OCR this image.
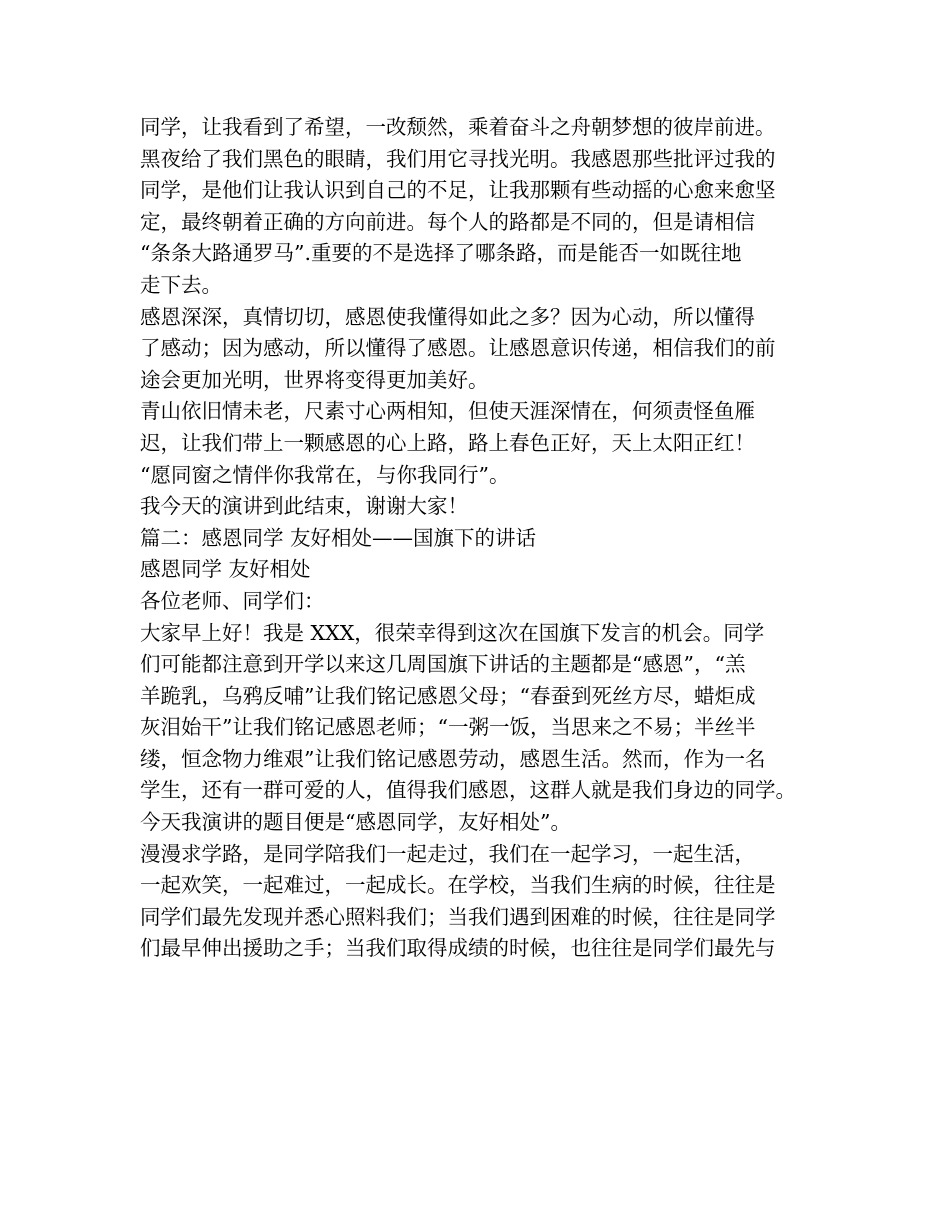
同学，让我看到了希望，一改颓然，乘着奋斗之舟朝梦想的彼岸前进。
黑夜给了我们黑色的眼睛，我们用它寻找光明。我感恩那些批评过我的
同学，是他们让我认识到自己的不足，让我那颗有些动摇的心愈来愈坚
定，最终朝着正确的方向前进。每个人的路都是不同的，但是请相信
“条条大路通罗马”.重要的不是选择了哪条路，而是能否一如既往地
走下去。
感恩深深，真情切切，感恩使我懂得如此之多？因为心动，所以懂得
了感动；因为感动，所以懂得了感恩。让感恩意识传递，相信我们的前
途会更加光明，世界将变得更加美好。
青山依旧情未老，尺素寸心两相知，但使天涯深情在，何须责怪鱼雁
迟，让我们带上一颗感恩的心上路，路上春色正好，天上太阳正红！
“愿同窗之情伴你我常在，与你我同行”。
我今天的演讲到此结束，谢谢大家！
篇二：感恩同学 友好相处——国旗下的讲话
感恩同学 友好相处
各位老师、同学们：
大家早上好！我是 XXX，很荣幸得到这次在国旗下发言的机会。同学
们可能都注意到开学以来这几周国旗下讲话的主题都是“感恩”，“羔
羊跪乳，乌鸦反哺”让我们铭记感恩父母；“春蚕到死丝方尽，蜡炬成
灰泪始干”让我们铭记感恩老师；“一粥一饭，当思来之不易；半丝半
缕，恒念物力维艰”让我们铭记感恩劳动，感恩生活。然而，作为一名
学生，还有一群可爱的人，值得我们感恩，这群人就是我们身边的同学。
今天我演讲的题目便是“感恩同学，友好相处”。
漫漫求学路，是同学陪我们一起走过，我们在一起学习，一起生活，
一起欢笑，一起难过，一起成长。在学校，当我们生病的时候，往往是
同学们最先发现并悉心照料我们；当我们遇到困难的时候，往往是同学
们最早伸出援助之手；当我们取得成绩的时候，也往往是同学们最先与
